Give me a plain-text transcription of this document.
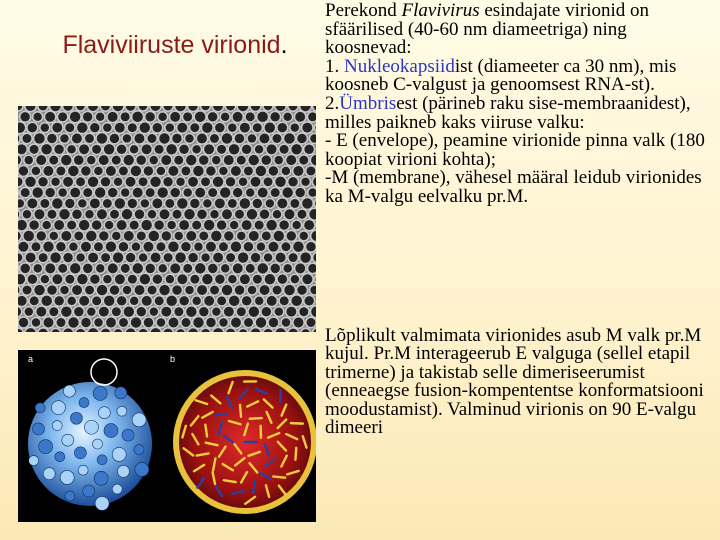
Flaviviiruste virionid.
a	b

Perekond Flavivirus esindajate virionid on sfäärilised (40-60 nm diameetriga) ning koosnevad:

1. Nukleokapsiidist (diameeter ca 30 nm), mis koosneb C-valgust ja genoomsest RNA-st).

2.Ümbrisest (pärineb raku sise-membraanidest), milles paikneb kaks viiruse valku:

- E (envelope), peamine virionide pinna valk (180 koopiat virioni kohta);

-M (membrane), vähesel määral leidub virionides ka M-valgu eelvalku pr.M.

Lõplikult valmimata virionides asub M valk pr.M kujul. Pr.M interageerub E valguga (sellel etapil trimerne) ja takistab selle dimeriseerumist (enneaegse fusion-kompententse konformatsiooni moodustamist). Valminud virionis on 90 E-valgu dimeeri
